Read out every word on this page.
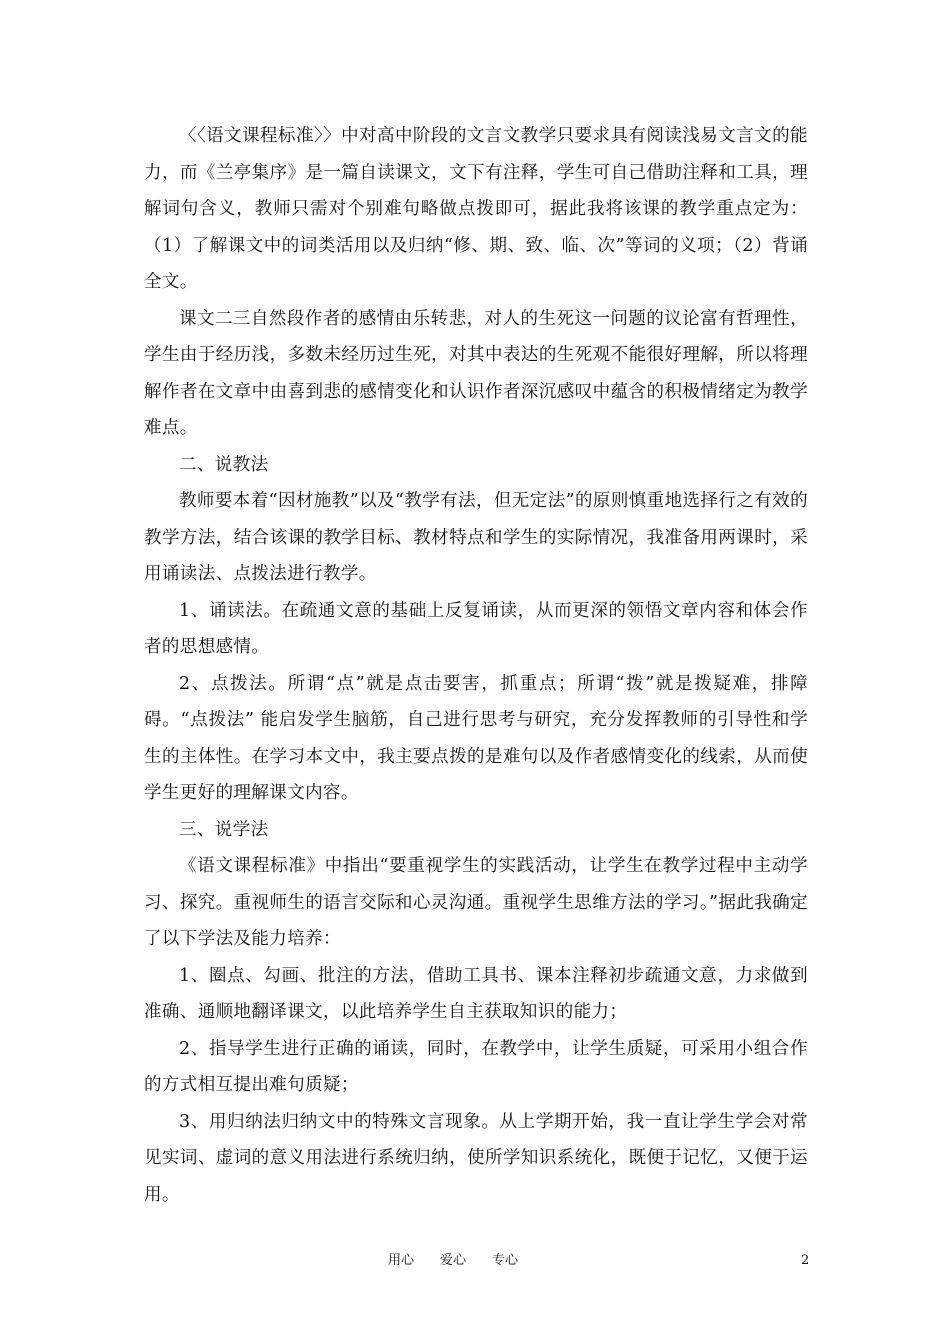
〈〈语文课程标准〉〉中对高中阶段的文言文教学只要求具有阅读浅易文言文的能力，而《兰亭集序》是一篇自读课文，文下有注释，学生可自己借助注释和工具，理解词句含义，教师只需对个别难句略做点拨即可，据此我将该课的教学重点定为：（1）了解课文中的词类活用以及归纳“修、期、致、临、次”等词的义项；（2）背诵全文。

课文二三自然段作者的感情由乐转悲，对人的生死这一问题的议论富有哲理性，学生由于经历浅，多数未经历过生死，对其中表达的生死观不能很好理解，所以将理解作者在文章中由喜到悲的感情变化和认识作者深沉感叹中蕴含的积极情绪定为教学难点。

二、说教法

教师要本着“因材施教”以及“教学有法，但无定法”的原则慎重地选择行之有效的教学方法，结合该课的教学目标、教材特点和学生的实际情况，我准备用两课时，采用诵读法、点拨法进行教学。

1、诵读法。在疏通文意的基础上反复诵读，从而更深的领悟文章内容和体会作者的思想感情。

2、点拨法。所谓“点”就是点击要害，抓重点；所谓“拨”就是拨疑难，排障碍。“点拨法” 能启发学生脑筋，自己进行思考与研究，充分发挥教师的引导性和学生的主体性。在学习本文中，我主要点拨的是难句以及作者感情变化的线索，从而使学生更好的理解课文内容。

三、说学法

《语文课程标准》中指出“要重视学生的实践活动，让学生在教学过程中主动学习、探究。重视师生的语言交际和心灵沟通。重视学生思维方法的学习。”据此我确定了以下学法及能力培养：

1、圈点、勾画、批注的方法，借助工具书、课本注释初步疏通文意，力求做到准确、通顺地翻译课文，以此培养学生自主获取知识的能力；

2、指导学生进行正确的诵读，同时，在教学中，让学生质疑，可采用小组合作的方式相互提出难句质疑；

3、用归纳法归纳文中的特殊文言现象。从上学期开始，我一直让学生学会对常见实词、虚词的意义用法进行系统归纳，使所学知识系统化，既便于记忆，又便于运用。

用心　　爱心　　专心	2
